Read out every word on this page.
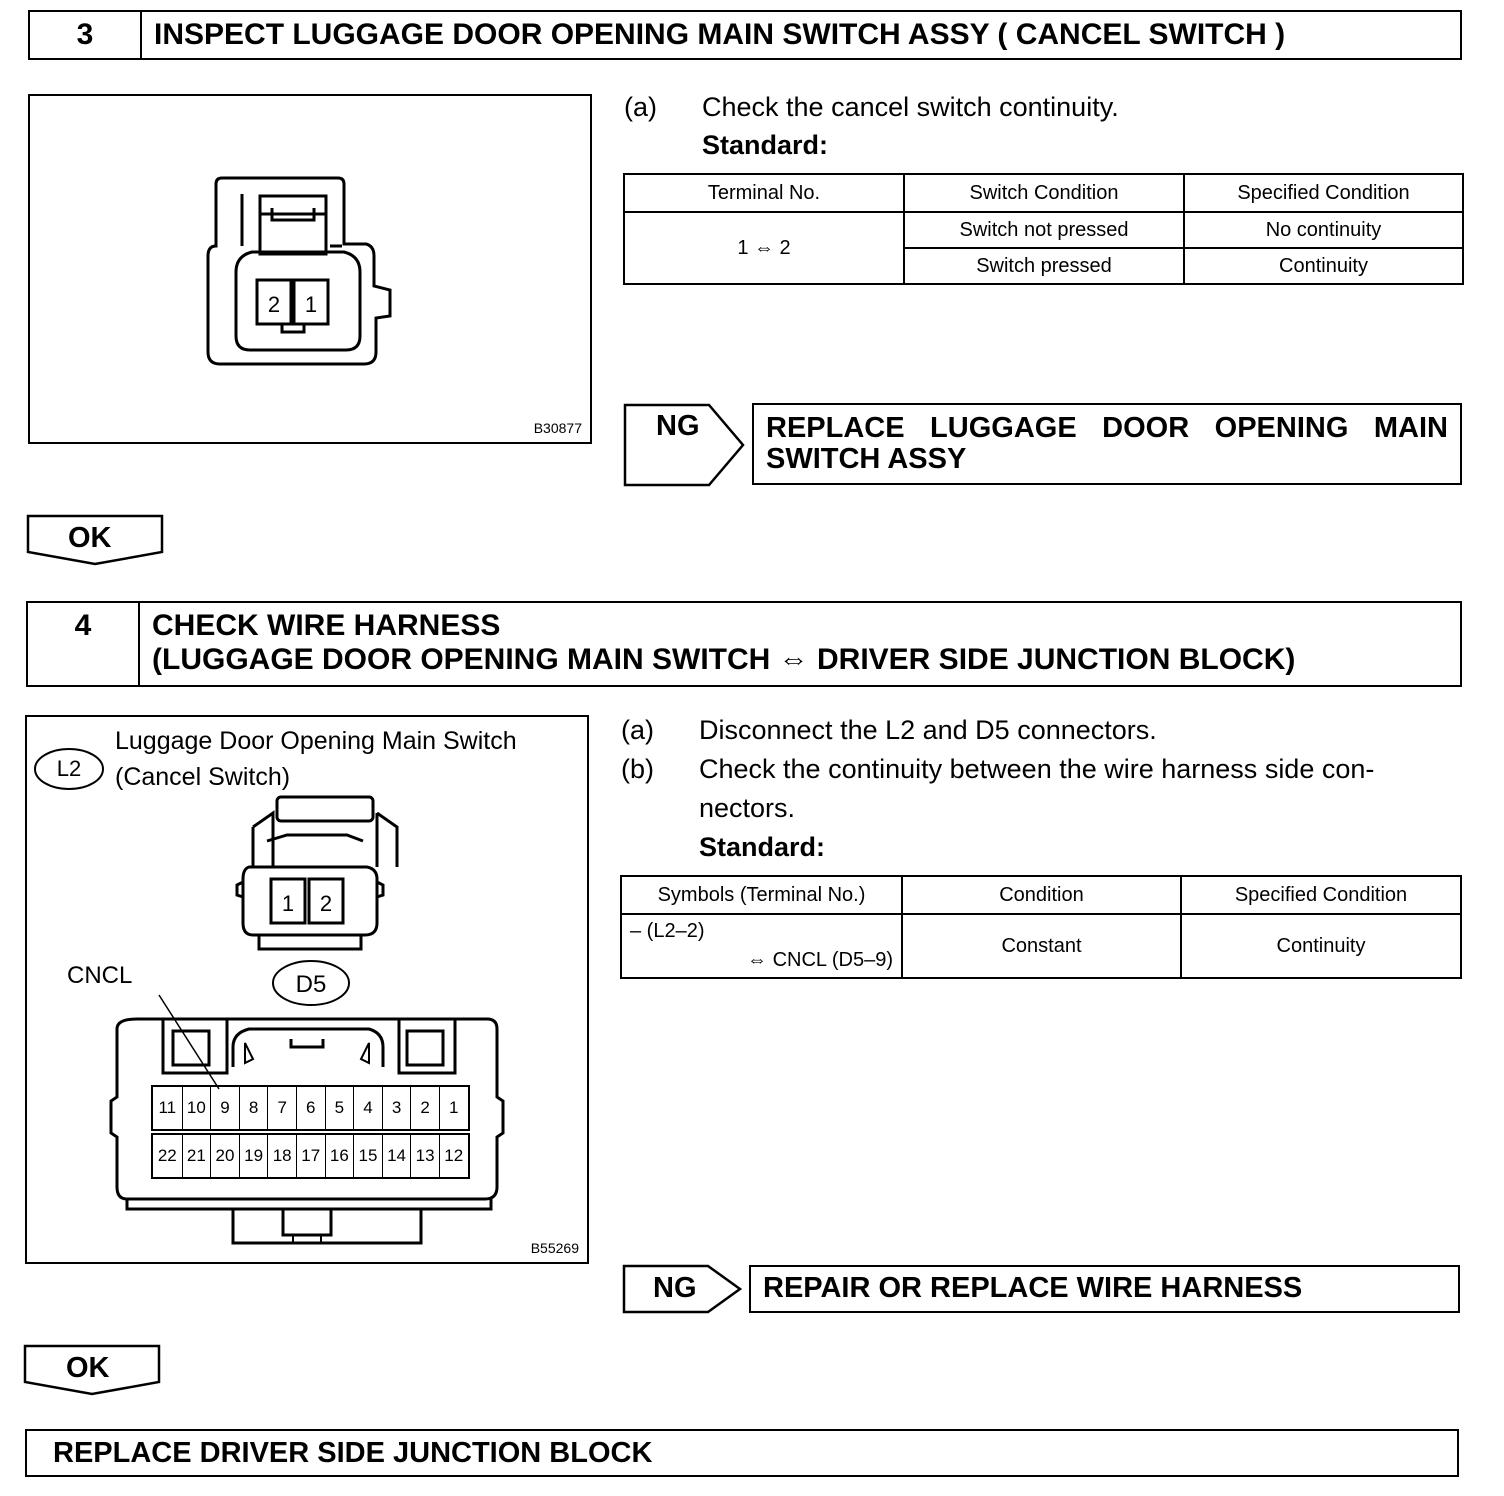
3	INSPECT LUGGAGE DOOR OPENING MAIN SWITCH ASSY ( CANCEL SWITCH )
2 1
B30877
(a) Check the cancel switch continuity.
Standard:
Terminal No.	Switch Condition	Specified Condition
1 ⇔ 2	Switch not pressed	No continuity
	Switch pressed	Continuity
NG	REPLACE LUGGAGE DOOR OPENING MAIN SWITCH ASSY
OK
4	CHECK WIRE HARNESS
(LUGGAGE DOOR OPENING MAIN SWITCH ⇔ DRIVER SIDE JUNCTION BLOCK)
L2
Luggage Door Opening Main Switch
(Cancel Switch)
1 2
D5
CNCL
11 10 9	8	7	6	5	4	3	2	1
22 21 20 19 18 17 16 15 14 13 12
B55269
(a) Disconnect the L2 and D5 connectors.
(b) Check the continuity between the wire harness side con-
nectors.
Standard:
Symbols (Terminal No.)	Condition	Specified Condition

– (L2–2)
⇔ CNCL (D5–9)	Constant	Continuity
NG	REPAIR OR REPLACE WIRE HARNESS
OK
REPLACE DRIVER SIDE JUNCTION BLOCK
